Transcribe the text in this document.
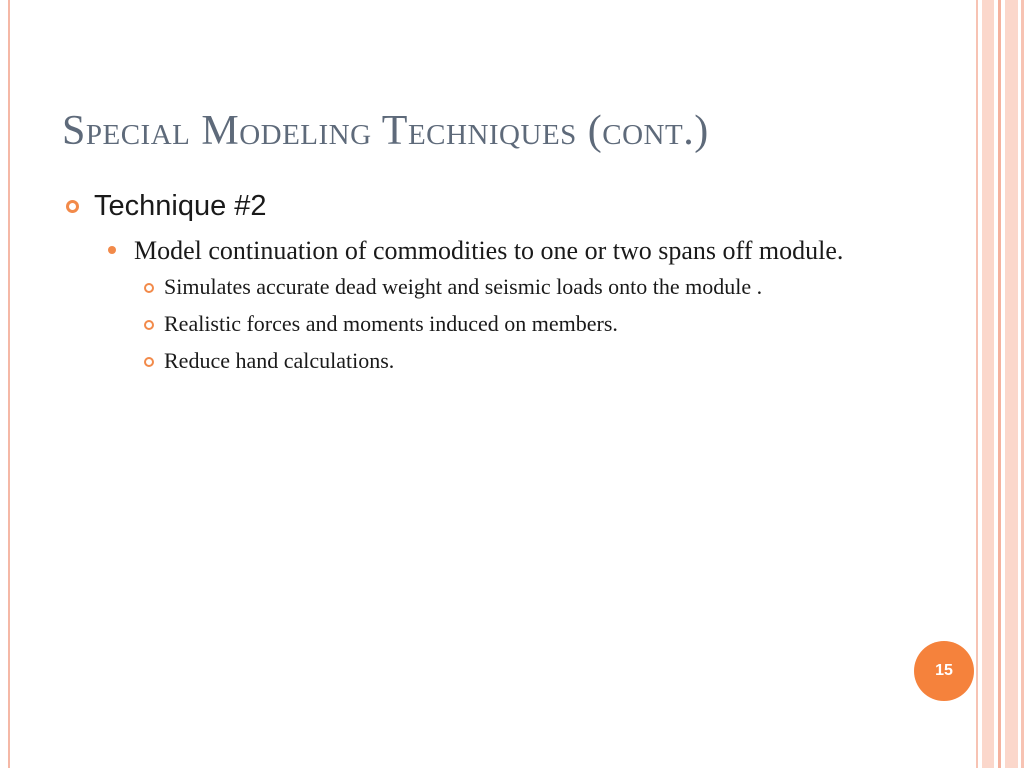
Special Modeling Techniques (cont.)
Technique #2
Model continuation of commodities to one or two spans off module.
Simulates accurate dead weight and seismic loads onto the module .
Realistic forces and moments induced on members.
Reduce hand calculations.
15
